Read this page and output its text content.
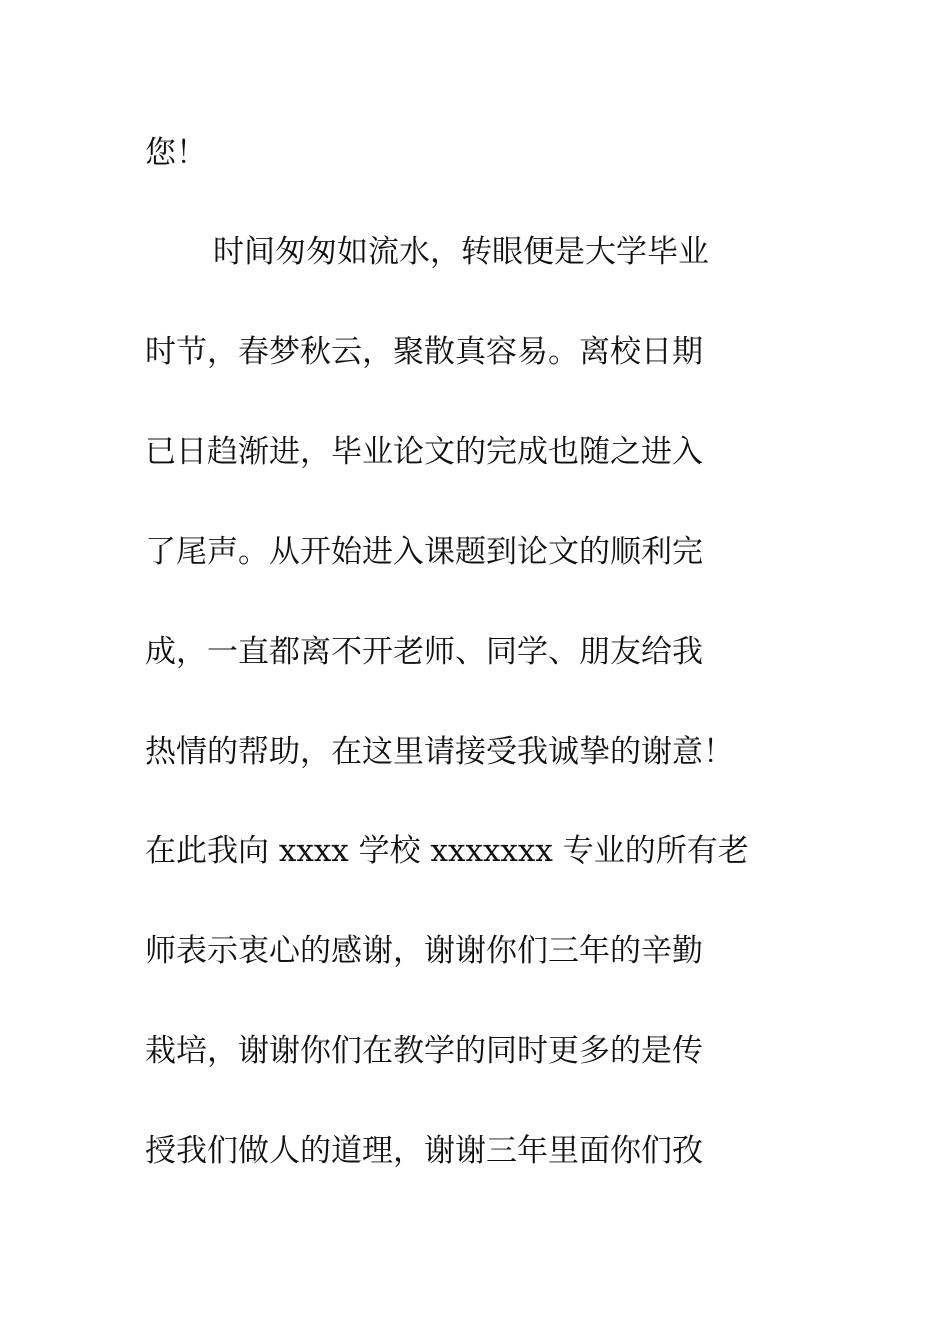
您！
时间匆匆如流水，转眼便是大学毕业
时节，春梦秋云，聚散真容易。离校日期
已日趋渐进，毕业论文的完成也随之进入
了尾声。从开始进入课题到论文的顺利完
成，一直都离不开老师、同学、朋友给我
热情的帮助，在这里请接受我诚挚的谢意！
在此我向 xxxx 学校 xxxxxxx 专业的所有老
师表示衷心的感谢，谢谢你们三年的辛勤
栽培，谢谢你们在教学的同时更多的是传
授我们做人的道理，谢谢三年里面你们孜
